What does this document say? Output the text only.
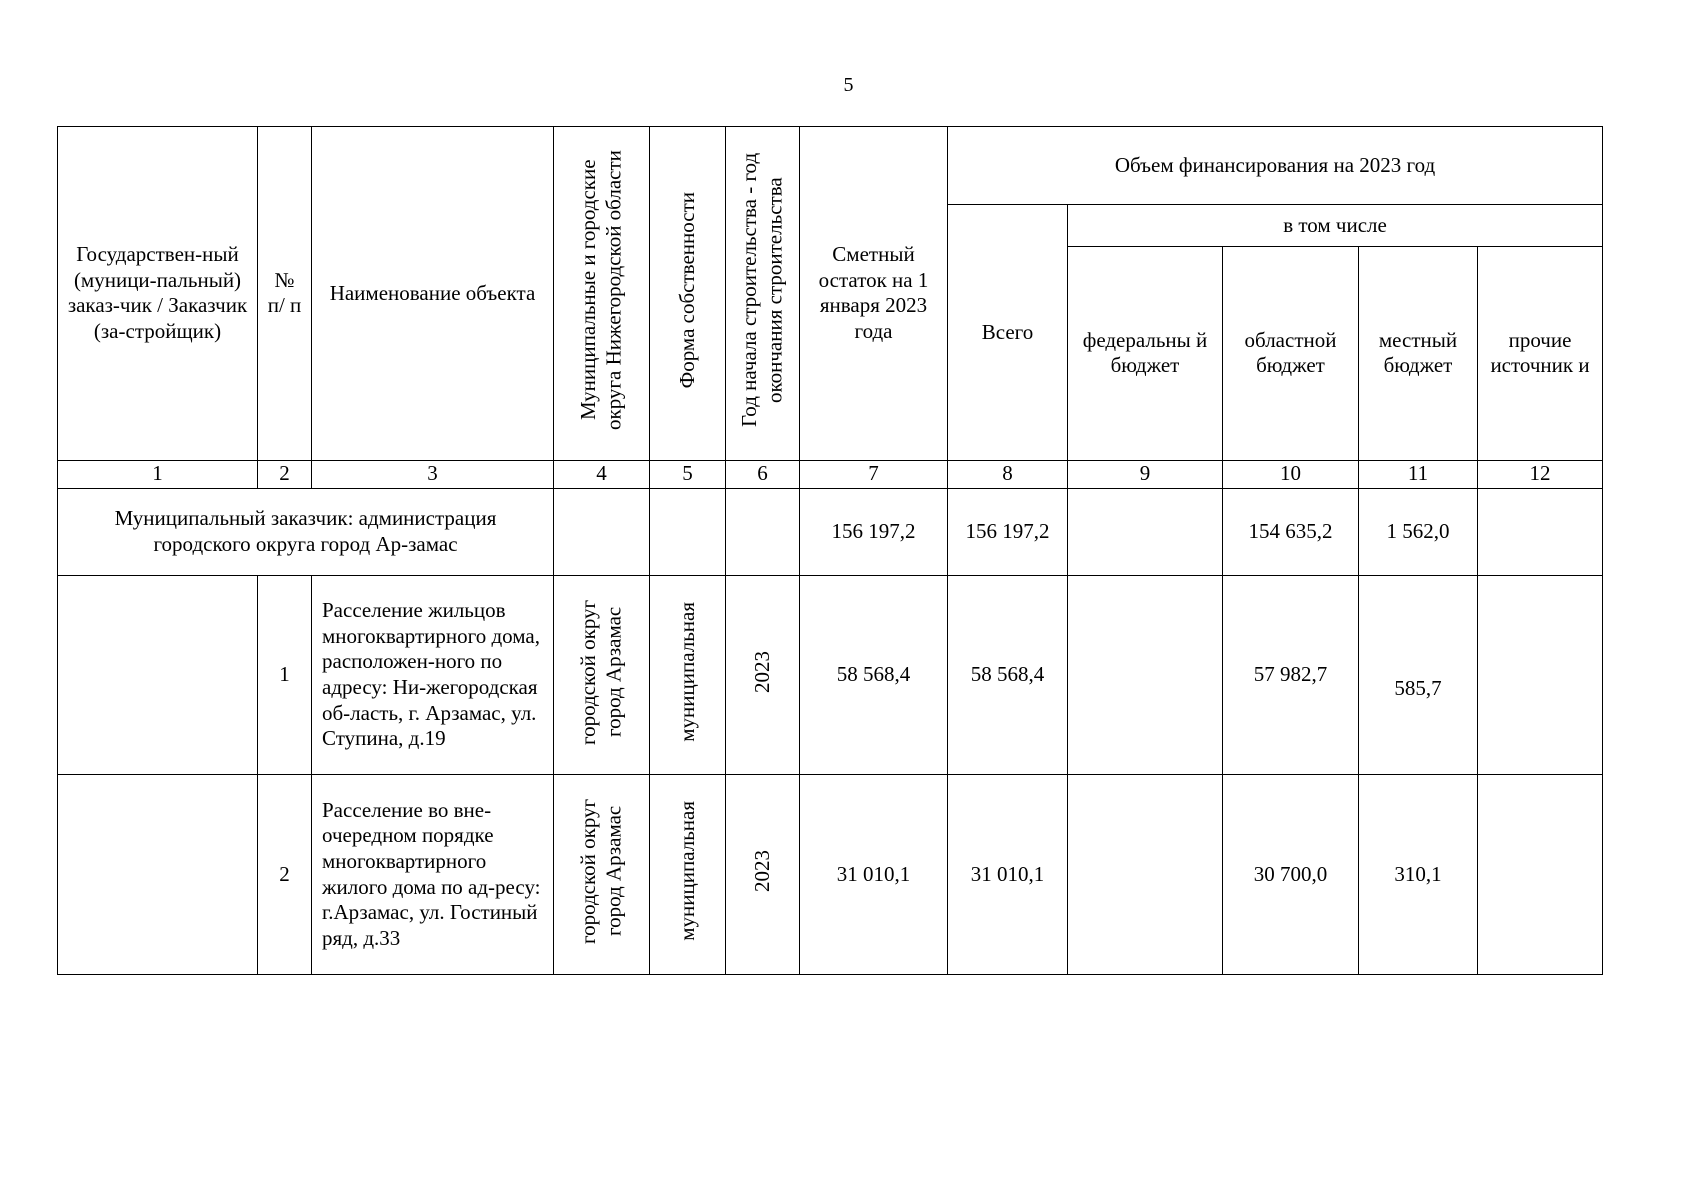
5
Государствен-ный (муници-пальный) заказ-чик / Заказчик (за-стройщик)	№ п/ п	Наименование объекта	Муниципальные и городские округа Нижегородской области	Форма собственности	Год начала строительства - год окончания строительства	Сметный остаток на 1 января 2023 года	Объем финансирования на 2023 год				
							Всего	в том числе			
								федеральны й бюджет	областной бюджет	местный бюджет	прочие источник и
1	2	3	4	5	6	7	8	9	10	11	12
Муниципальный заказчик: администрация городского округа город Ар-замас						156 197,2	156 197,2		154 635,2	1 562,0	
	1	Расселение жильцов многоквартирного дома, расположен-ного по адресу: Ни-жегородская об-ласть, г. Арзамас, ул. Ступина, д.19	городской округ город Арзамас	муниципальная	2023	58 568,4	58 568,4		57 982,7	585,7	
	2	Расселение во вне-очередном порядке многоквартирного жилого дома по ад-ресу: г.Арзамас, ул. Гостиный ряд, д.33	городской округ город Арзамас	муниципальная	2023	31 010,1	31 010,1		30 700,0	310,1	
